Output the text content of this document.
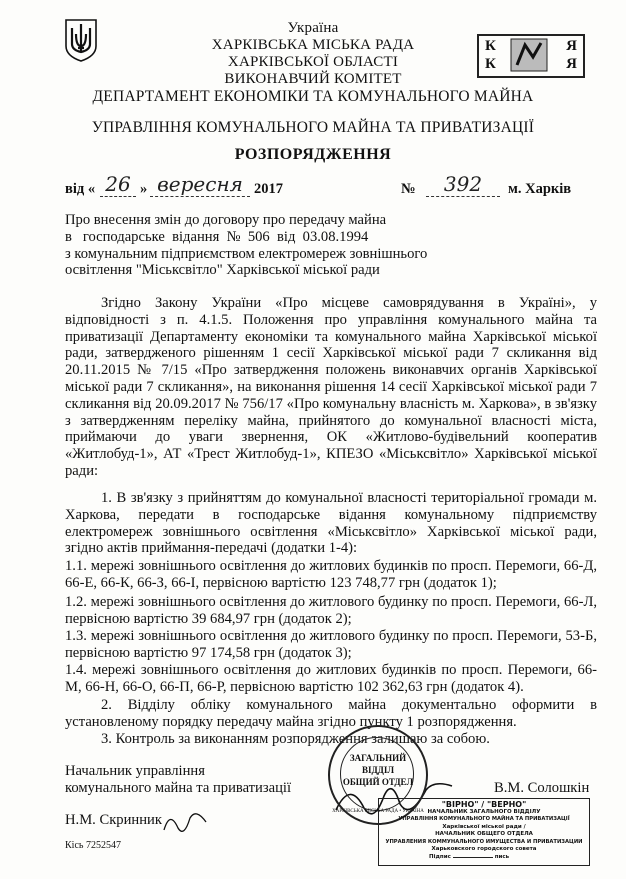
Україна
ХАРКІВСЬКА МІСЬКА РАДА
ХАРКІВСЬКОЇ ОБЛАСТІ
ВИКОНАВЧИЙ КОМІТЕТ
ДЕПАРТАМЕНТ ЕКОНОМІКИ ТА КОМУНАЛЬНОГО МАЙНА
УПРАВЛІННЯ КОМУНАЛЬНОГО МАЙНА ТА ПРИВАТИЗАЦІЇ
РОЗПОРЯДЖЕННЯ
К
К
Я
Я
від « 26 » вересня 2017	№	392	м. Харків
Про внесення змін до договору про передачу майна
в   господарське  відання  №  506  від  03.08.1994
з комунальним підприємством електромереж зовнішнього
освітлення "Міськсвітло" Харківської міської ради
Згідно Закону України «Про місцеве самоврядування в Україні», у відповідності з п. 4.1.5. Положення про управління комунального майна та приватизації Департаменту економіки та комунального майна Харківської міської ради, затвердженого рішенням 1 сесії Харківської міської ради 7 скликання від 20.11.2015 № 7/15 «Про затвердження положень виконавчих органів Харківської міської ради 7 скликання», на виконання рішення 14 сесії Харківської міської ради 7 скликання від 20.09.2017 № 756/17 «Про комунальну власність м. Харкова», в зв'язку з затвердженням переліку майна, прийнятого до комунальної власності міста, приймаючи до уваги звернення, ОК «Житлово-будівельний кооператив «Житлобуд-1», АТ «Трест Житлобуд-1», КПЕЗО «Міськсвітло» Харківської міської ради:
1. В зв'язку з прийняттям до комунальної власності територіальної громади м. Харкова, передати в господарське відання комунальному підприємству електромереж зовнішнього освітлення «Міськсвітло» Харківської міської ради, згідно актів приймання-передачі (додатки 1-4):
1.1. мережі зовнішнього освітлення до житлових будинків по просп. Перемоги, 66-Д, 66-Е, 66-К, 66-З, 66-І, первісною вартістю 123 748,77 грн (додаток 1);
1.2. мережі зовнішнього освітлення до житлового будинку по просп. Перемоги, 66-Л, первісною вартістю 39 684,97 грн (додаток 2);
1.3. мережі зовнішнього освітлення до житлового будинку по просп. Перемоги, 53-Б, первісною вартістю 97 174,58 грн (додаток 3);
1.4. мережі зовнішнього освітлення до житлових будинків по просп. Перемоги, 66-М, 66-Н, 66-О, 66-П, 66-Р, первісною вартістю 102 362,63 грн (додаток 4).
2. Відділу обліку комунального майна документально оформити в установленому порядку передачу майна згідно пункту 1 розпорядження.
3. Контроль за виконанням розпорядження залишаю за собою.
Начальник управління
комунального майна та приватизації	В.М. Солошкін
Н.М. Скринник
Кісь 7252547
ЗАГАЛЬНИЙ
ВІДДІЛ
ОБЩИЙ ОТДЕЛ
ХАРКІВСЬКА МІСЬКА РАДА • УКРАЇНА
"ВІРНО" / "ВЕРНО"
НАЧАЛЬНИК ЗАГАЛЬНОГО ВІДДІЛУ
УПРАВЛІННЯ КОМУНАЛЬНОГО МАЙНА ТА ПРИВАТИЗАЦІЇ
Харківської міської ради /
НАЧАЛЬНИК ОБЩЕГО ОТДЕЛА
УПРАВЛЕНИЯ КОММУНАЛЬНОГО ИМУЩЕСТВА И ПРИВАТИЗАЦИИ
Харьковского городского совета
Підпис	пись
